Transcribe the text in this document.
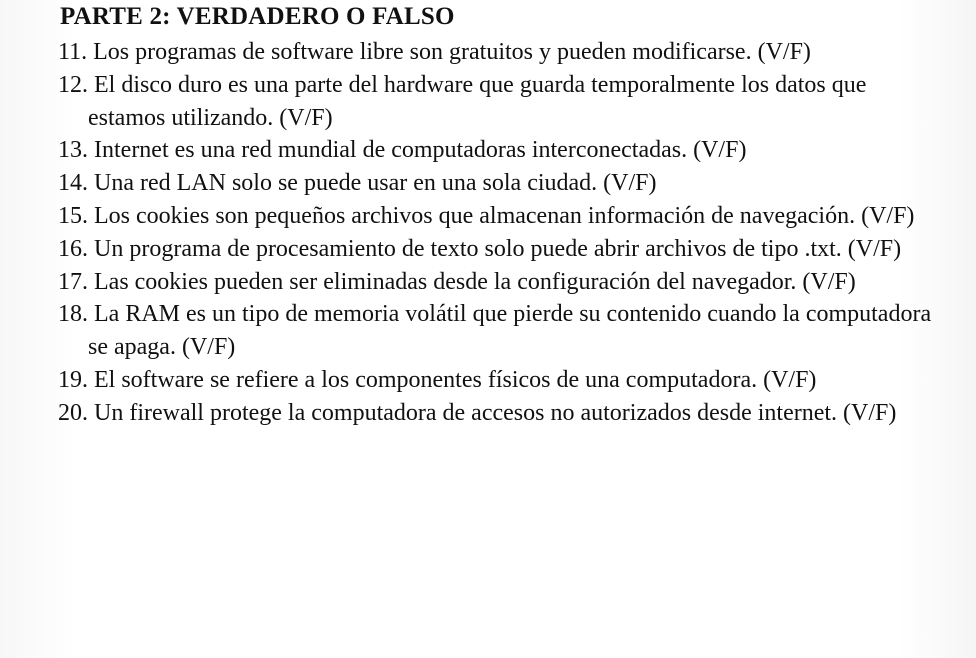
PARTE 2: VERDADERO O FALSO
11. Los programas de software libre son gratuitos y pueden modificarse. (V/F)
12. El disco duro es una parte del hardware que guarda temporalmente los datos que estamos utilizando. (V/F)
13. Internet es una red mundial de computadoras interconectadas. (V/F)
14. Una red LAN solo se puede usar en una sola ciudad. (V/F)
15. Los cookies son pequeños archivos que almacenan información de navegación. (V/F)
16. Un programa de procesamiento de texto solo puede abrir archivos de tipo .txt. (V/F)
17. Las cookies pueden ser eliminadas desde la configuración del navegador. (V/F)
18. La RAM es un tipo de memoria volátil que pierde su contenido cuando la computadora se apaga. (V/F)
19. El software se refiere a los componentes físicos de una computadora. (V/F)
20. Un firewall protege la computadora de accesos no autorizados desde internet. (V/F)
